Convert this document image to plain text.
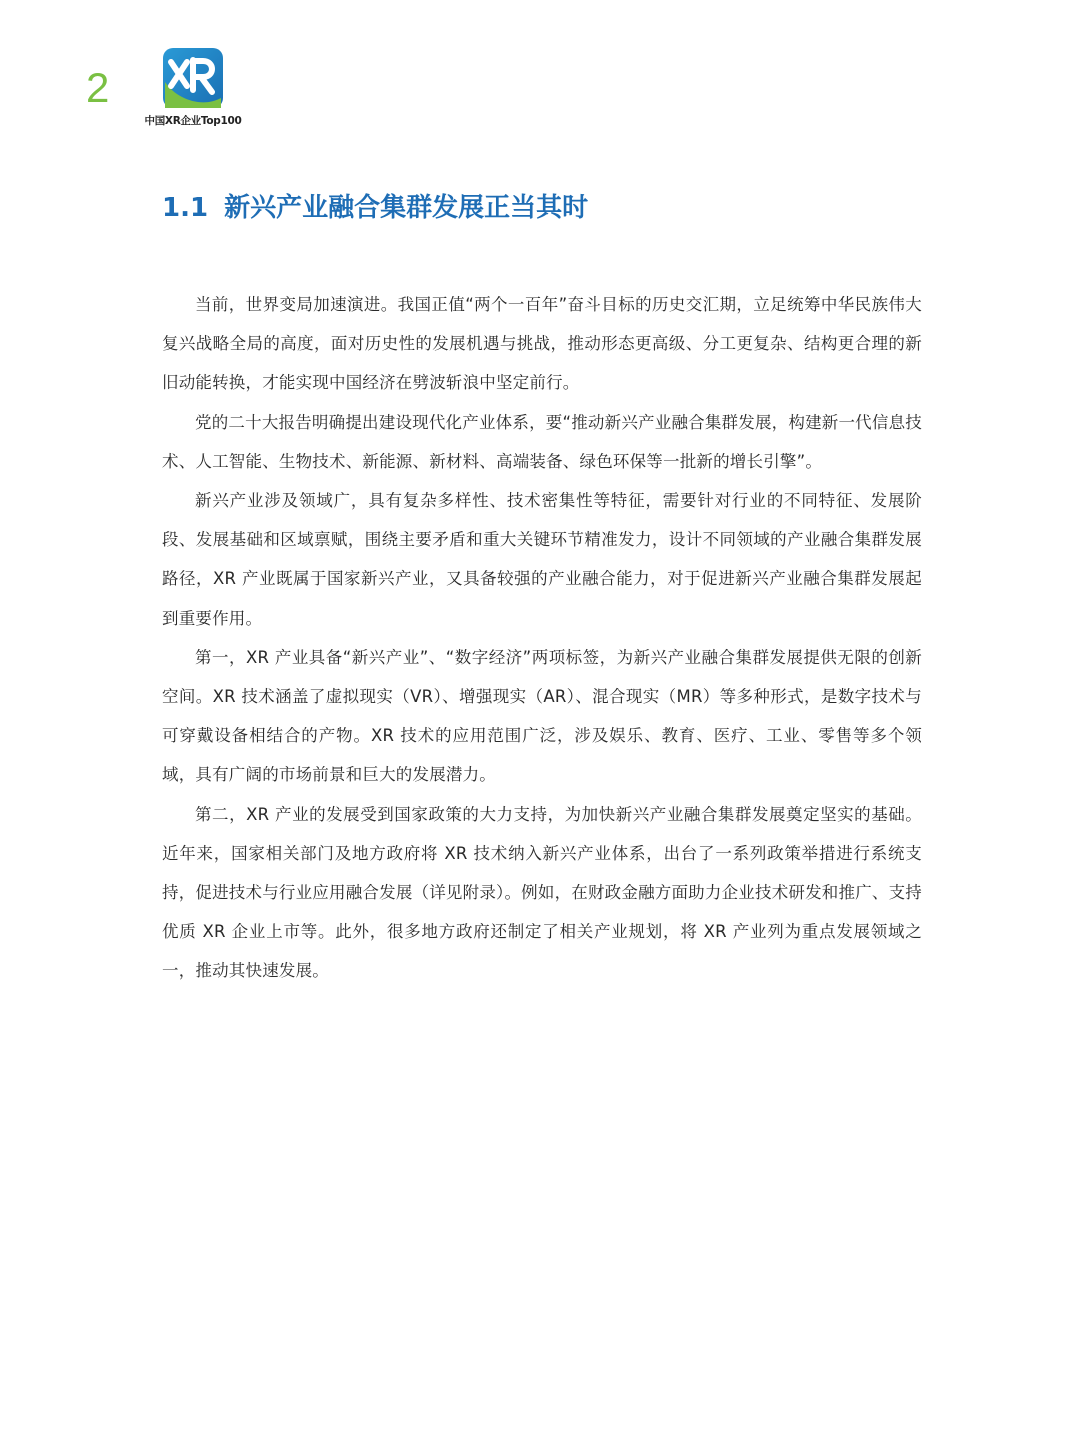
2
中国XR企业Top100
1.1 新兴产业融合集群发展正当其时

当前，世界变局加速演进。我国正值“两个一百年”奋斗目标的历史交汇期，立足统筹中华民族伟大复兴战略全局的高度，面对历史性的发展机遇与挑战，推动形态更高级、分工更复杂、结构更合理的新旧动能转换，才能实现中国经济在劈波斩浪中坚定前行。

党的二十大报告明确提出建设现代化产业体系，要“推动新兴产业融合集群发展，构建新一代信息技术、人工智能、生物技术、新能源、新材料、高端装备、绿色环保等一批新的增长引擎”。

新兴产业涉及领域广，具有复杂多样性、技术密集性等特征，需要针对行业的不同特征、发展阶段、发展基础和区域禀赋，围绕主要矛盾和重大关键环节精准发力，设计不同领域的产业融合集群发展路径，XR 产业既属于国家新兴产业，又具备较强的产业融合能力，对于促进新兴产业融合集群发展起到重要作用。

第一，XR 产业具备“新兴产业”、“数字经济”两项标签，为新兴产业融合集群发展提供无限的创新空间。XR 技术涵盖了虚拟现实（VR）、增强现实（AR）、混合现实（MR）等多种形式，是数字技术与可穿戴设备相结合的产物。XR 技术的应用范围广泛，涉及娱乐、教育、医疗、工业、零售等多个领域，具有广阔的市场前景和巨大的发展潜力。

第二，XR 产业的发展受到国家政策的大力支持，为加快新兴产业融合集群发展奠定坚实的基础。近年来，国家相关部门及地方政府将 XR 技术纳入新兴产业体系，出台了一系列政策举措进行系统支持，促进技术与行业应用融合发展（详见附录）。例如，在财政金融方面助力企业技术研发和推广、支持优质 XR 企业上市等。此外，很多地方政府还制定了相关产业规划，将 XR 产业列为重点发展领域之一，推动其快速发展。
